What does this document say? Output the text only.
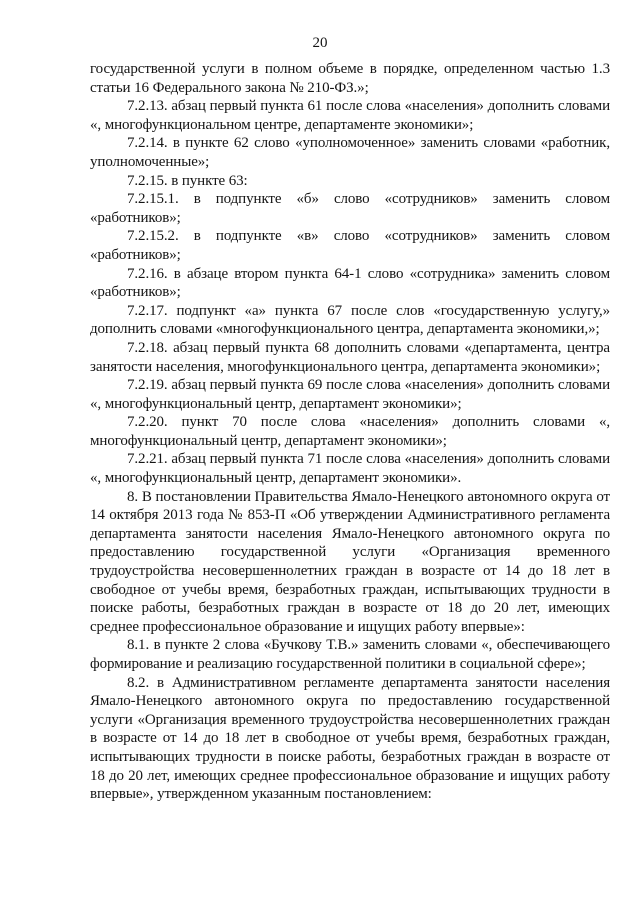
20

государственной услуги в полном объеме в порядке, определенном частью 1.3 статьи 16 Федерального закона № 210-ФЗ.»;

7.2.13. абзац первый пункта 61 после слова «населения» дополнить словами «, многофункциональном центре, департаменте экономики»;

7.2.14. в пункте 62 слово «уполномоченное» заменить словами «работник, уполномоченные»;

7.2.15. в пункте 63:

7.2.15.1. в подпункте «б» слово «сотрудников» заменить словом «работников»;

7.2.15.2. в подпункте «в» слово «сотрудников» заменить словом «работников»;

7.2.16. в абзаце втором пункта 64-1 слово «сотрудника» заменить словом «работников»;

7.2.17. подпункт «а» пункта 67 после слов «государственную услугу,» дополнить словами «многофункционального центра, департамента экономики,»;

7.2.18. абзац первый пункта 68 дополнить словами «департамента, центра занятости населения, многофункционального центра, департамента экономики»;

7.2.19. абзац первый пункта 69 после слова «населения» дополнить словами «, многофункциональный центр, департамент экономики»;

7.2.20. пункт 70 после слова «населения» дополнить словами «, многофункциональный центр, департамент экономики»;

7.2.21. абзац первый пункта 71 после слова «населения» дополнить словами «, многофункциональный центр, департамент экономики».

8. В постановлении Правительства Ямало-Ненецкого автономного округа от 14 октября 2013 года № 853-П «Об утверждении Административного регламента департамента занятости населения Ямало-Ненецкого автономного округа по предоставлению государственной услуги «Организация временного трудоустройства несовершеннолетних граждан в возрасте от 14 до 18 лет в свободное от учебы время, безработных граждан, испытывающих трудности в поиске работы, безработных граждан в возрасте от 18 до 20 лет, имеющих среднее профессиональное образование и ищущих работу впервые»:

8.1. в пункте 2 слова «Бучкову Т.В.» заменить словами «, обеспечивающего формирование и реализацию государственной политики в социальной сфере»;

8.2. в Административном регламенте департамента занятости населения Ямало-Ненецкого автономного округа по предоставлению государственной услуги «Организация временного трудоустройства несовершеннолетних граждан в возрасте от 14 до 18 лет в свободное от учебы время, безработных граждан, испытывающих трудности в поиске работы, безработных граждан в возрасте от 18 до 20 лет, имеющих среднее профессиональное образование и ищущих работу впервые», утвержденном указанным постановлением:
